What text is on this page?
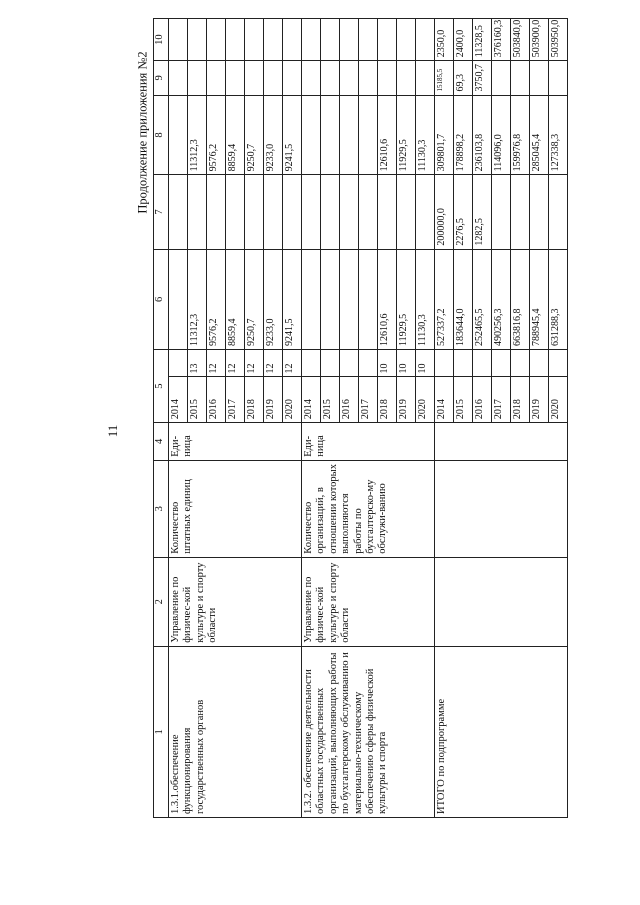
11
Продолжение приложения №2
1	2	3	4	5		6	7	8	9	10
1.3.1.обеспечение функционирования государственных органов	Управление по физичес-кой культуре и спорту области	Количество штатных единиц	Еди-ница	2014						
				2015	13	11312,3		11312,3		
				2016	12	9576,2		9576,2		
				2017	12	8859,4		8859,4		
				2018	12	9250,7		9250,7		
				2019	12	9233,0		9233,0		
				2020	12	9241,5		9241,5		
1.3.2. обеспечение деятельности областных государственных организаций, выполняющих работы по бухгалтерскому обслуживанию и материально-техническому обеспечению сферы физической культуры и спорта	Управление по физичес-кой культуре и спорту области	Количество организаций, в отношении которых выполняются работы по бухгалтерско-му обслужи-ванию	Еди-ница	2014						
				2015						
				2016						
				2017						
				2018	10	12610,6		12610,6		
				2019	10	11929,5		11929,5		
				2020	10	11130,3		11130,3		
ИТОГО по подпрограмме				2014		527337,2	200000,0	309801,7	15185,5	2350,0
				2015		183644,0	2276,5	178898,2	69,3	2400,0
				2016		252465,5	1282,5	236103,8	3750,7	11328,5
				2017		490256,3		114096,0		376160,3
				2018		663816,8		159976,8		503840,0
				2019		788945,4		285045,4		503900,0
				2020		631288,3		127338,3		503950,0
